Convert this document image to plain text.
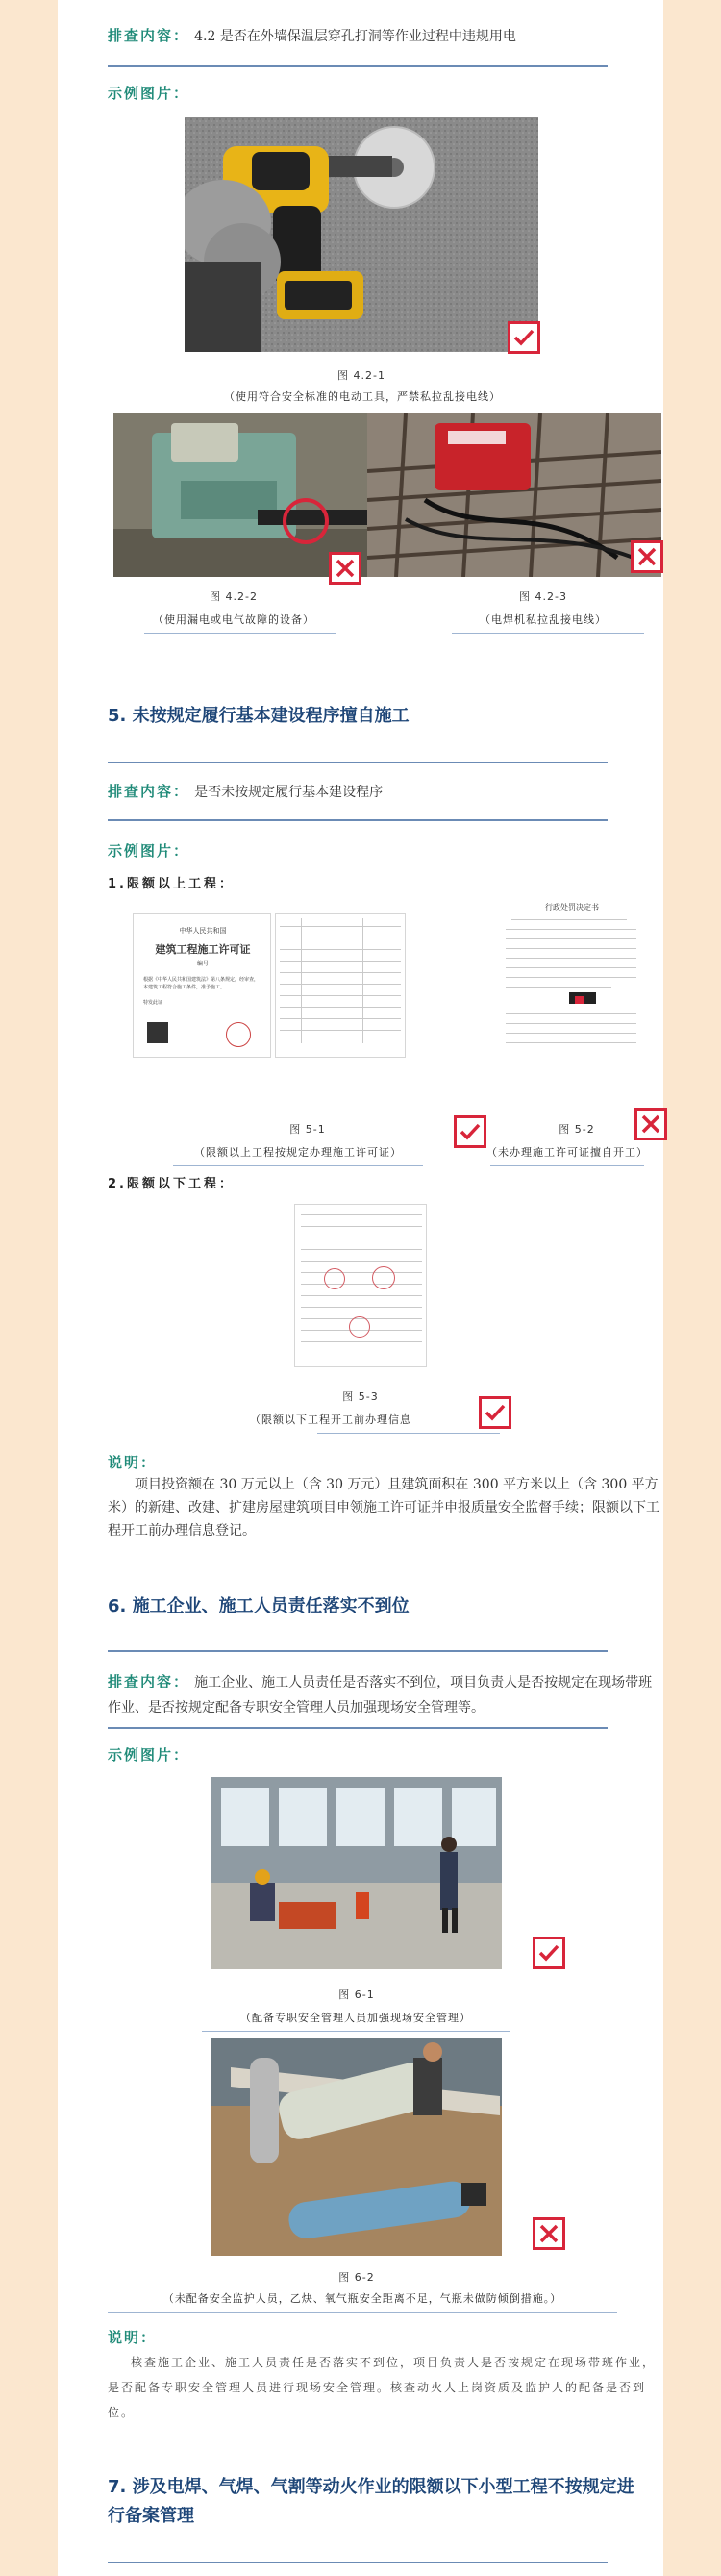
排查内容： 4.2 是否在外墙保温层穿孔打洞等作业过程中违规用电
示例图片：
图 4.2-1
（使用符合安全标准的电动工具，严禁私拉乱接电线）
图 4.2-2	图 4.2-3
（使用漏电或电气故障的设备）	（电焊机私拉乱接电线）
5. 未按规定履行基本建设程序擅自施工
排查内容： 是否未按规定履行基本建设程序
示例图片：
1.限额以上工程：
中华人民共和国
建筑工程施工许可证
编号
根据《中华人民共和国建筑法》第八条规定，经审查，本建筑工程符合施工条件，准予施工。
特发此证
行政处罚决定书
图 5-1	图 5-2
（限额以上工程按规定办理施工许可证）	（未办理施工许可证擅自开工）
2.限额以下工程：
图 5-3
（限额以下工程开工前办理信息
说明：
项目投资额在 30 万元以上（含 30 万元）且建筑面积在 300 平方米以上（含 300 平方米）的新建、改建、扩建房屋建筑项目申领施工许可证并申报质量安全监督手续；限额以下工程开工前办理信息登记。
6. 施工企业、施工人员责任落实不到位
排查内容： 施工企业、施工人员责任是否落实不到位，项目负责人是否按规定在现场带班作业、是否按规定配备专职安全管理人员加强现场安全管理等。
示例图片：
图 6-1
（配备专职安全管理人员加强现场安全管理）
图 6-2
（未配备安全监护人员，乙炔、氧气瓶安全距离不足，气瓶未做防倾倒措施。）
说明：
核查施工企业、施工人员责任是否落实不到位，项目负责人是否按规定在现场带班作业，是否配备专职安全管理人员进行现场安全管理。核查动火人上岗资质及监护人的配备是否到位。
7. 涉及电焊、气焊、气割等动火作业的限额以下小型工程不按规定进行备案管理
